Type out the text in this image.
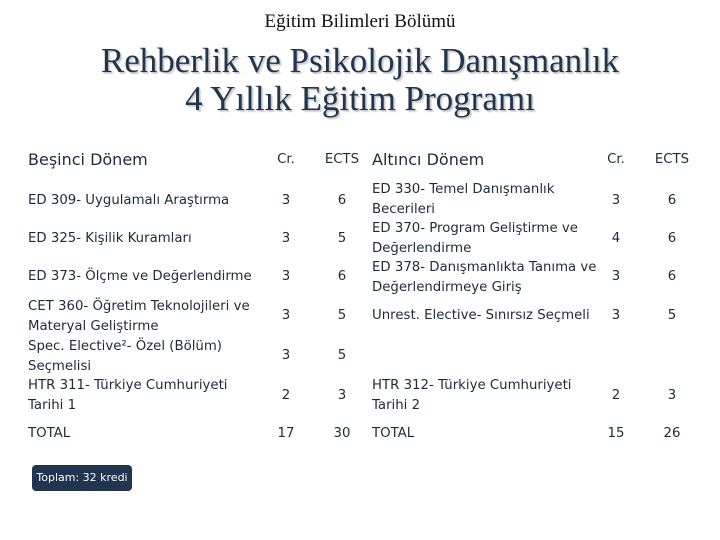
Eğitim Bilimleri Bölümü
Rehberlik ve Psikolojik Danışmanlık
4 Yıllık Eğitim Programı
Beşinci Dönem	Cr.	ECTS
ED 309- Uygulamalı Araştırma	3	6
ED 325- Kişilik Kuramları	3	5
ED 373- Ölçme ve Değerlendirme	3	6
CET 360- Öğretim Teknolojileri ve
Materyal Geliştirme
3	5
Spec. Elective²- Özel (Bölüm)
Seçmelisi
3	5
HTR 311- Türkiye Cumhuriyeti
Tarihi 1
2	3
TOTAL	17	30
Altıncı Dönem	Cr.	ECTS
ED 330- Temel Danışmanlık
Becerileri
3	6
ED 370- Program Geliştirme ve
Değerlendirme
4	6
ED 378- Danışmanlıkta Tanıma ve
Değerlendirmeye Giriş
3	6
Unrest. Elective- Sınırsız Seçmeli	3	5
HTR 312- Türkiye Cumhuriyeti
Tarihi 2
2	3
TOTAL	15	26
Toplam: 32 kredi
